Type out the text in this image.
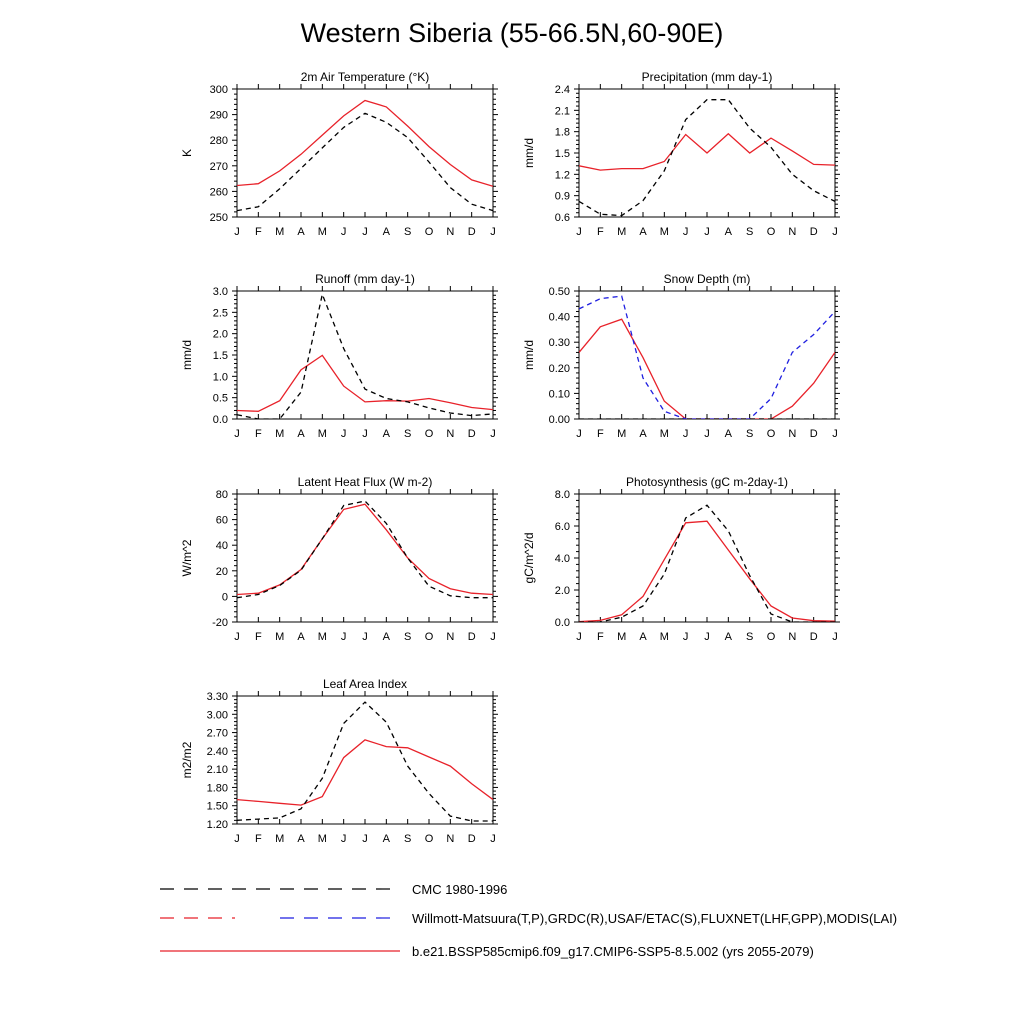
Western Siberia (55-66.5N,60-90E)
2m Air Temperature (°K)
J F M A M J J A S O N D J
250
260
270
280
290
300
K
Precipitation (mm day-1)
J F M A M J J A S O N D J
0.6
0.9
1.2
1.5
1.8
2.1
2.4
mm/d
Runoff (mm day-1)
J F M A M J J A S O N D J
0.0
0.5
1.0
1.5
2.0
2.5
3.0
mm/d
Snow Depth (m)
J F M A M J J A S O N D J
0.00
0.10
0.20
0.30
0.40
0.50
mm/d
Latent Heat Flux (W m-2)
J F M A M J J A S O N D J
-20
0
20
40
60
80
W/m^2
Photosynthesis (gC m-2day-1)
J F M A M J J A S O N D J
0.0
2.0
4.0
6.0
8.0
gC/m^2/d
Leaf Area Index
J F M A M J J A S O N D J
1.20
1.50
1.80
2.10
2.40
2.70
3.00
3.30
m2/m2
CMC 1980-1996
Willmott-Matsuura(T,P),GRDC(R),USAF/ETAC(S),FLUXNET(LHF,GPP),MODIS(LAI)
b.e21.BSSP585cmip6.f09_g17.CMIP6-SSP5-8.5.002 (yrs 2055-2079)
